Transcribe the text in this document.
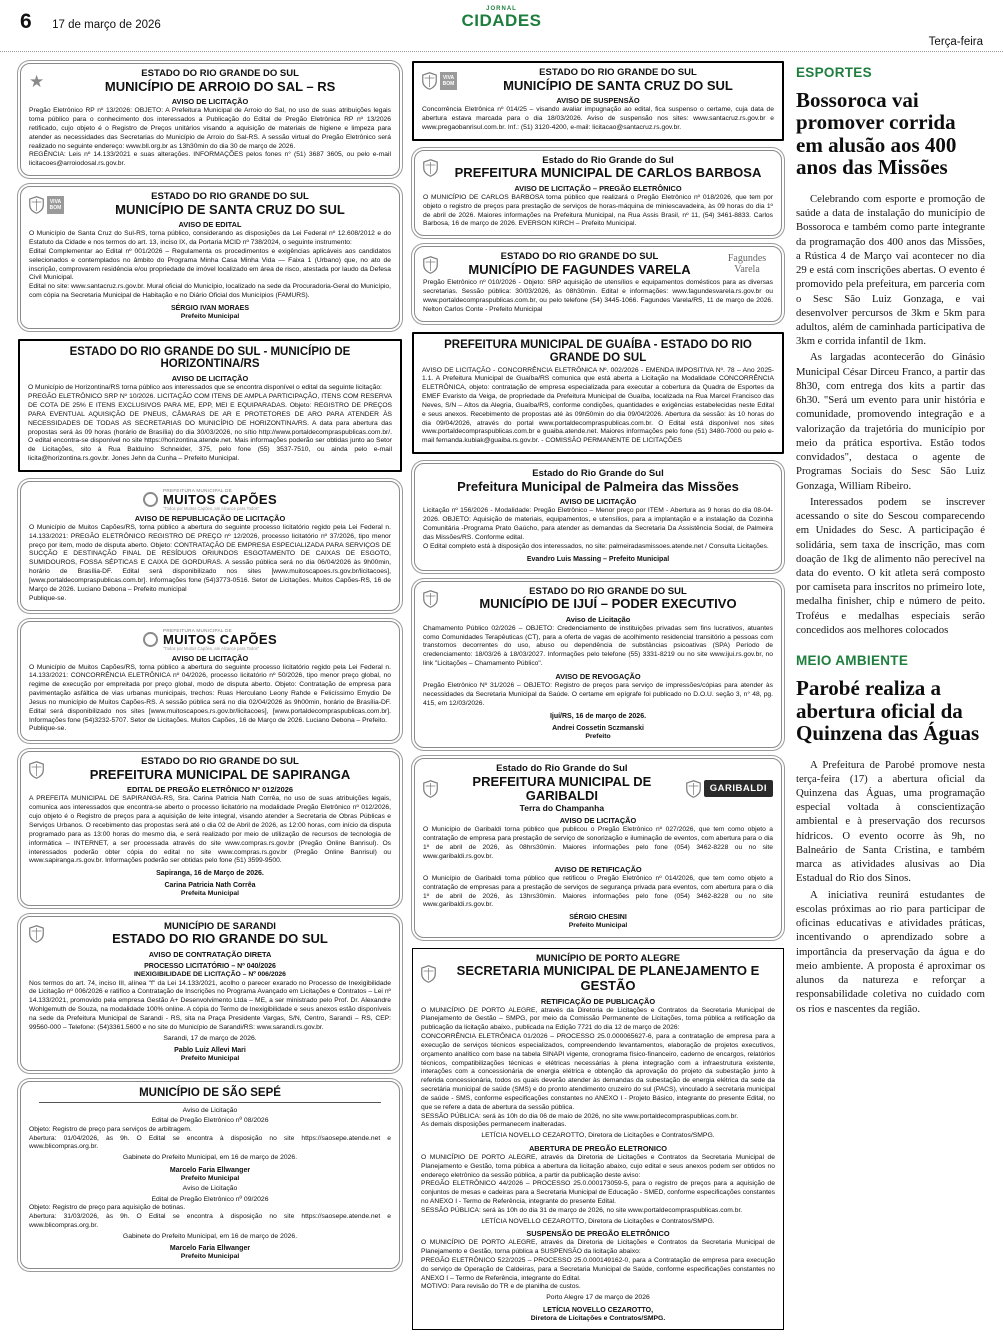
6 17 de março de 2026
JORNAL
CIDADES
Terça-feira
★	ESTADO DO RIO GRANDE DO SUL
MUNICÍPIO DE ARROIO DO SAL – RS
AVISO DE LICITAÇÃO
Pregão Eletrônico RP nº 13/2026: OBJETO: A Prefeitura Municipal de Arroio do Sal, no uso de suas atribuições legais torna público para o conhecimento dos interessados a Publicação do Edital de Pregão Eletrônica RP nº 13/2026 retificado, cujo objeto é o Registro de Preços unitários visando a aquisição de materiais de higiene e limpeza para atender as necessidades das Secretarias do Município de Arroio do Sal-RS. A sessão virtual do Pregão Eletrônico será realizado no seguinte endereço: www.bll.org.br as 13h30min do dia 30 de março de 2026.
REGÊNCIA: Leis nº 14.133/2021 e suas alterações. INFORMAÇÕES pelos fones n° (51) 3687 3605, ou pelo e-mail licitacoes@arroiodosal.rs.gov.br.
VIVA BOM
ESTADO DO RIO GRANDE DO SUL
MUNICÍPIO DE SANTA CRUZ DO SUL
AVISO DE EDITAL
O Município de Santa Cruz do Sul-RS, torna público, considerando as disposições da Lei Federal nº 12.608/2012 e do Estatuto da Cidade e nos termos do art. 13, inciso IX, da Portaria MCID nº 738/2024, o seguinte instrumento:
Edital Complementar ao Edital nº 001/2026 – Regulamenta os procedimentos e exigências aplicáveis aos candidatos selecionados e contemplados no âmbito do Programa Minha Casa Minha Vida — Faixa 1 (Urbano) que, no ato de inscrição, comprovarem residência e/ou propriedade de imóvel localizado em área de risco, atestada por laudo da Defesa Civil Municipal.
Edital no site: www.santacruz.rs.gov.br. Mural oficial do Município, localizado na sede da Procuradoria-Geral do Município, com cópia na Secretaria Municipal de Habitação e no Diário Oficial dos Municípios (FAMURS).
SÉRGIO IVAN MORAES
Prefeito Municipal
ESTADO DO RIO GRANDE DO SUL - MUNICÍPIO DE HORIZONTINA/RS
AVISO DE LICITAÇÃO
O Município de Horizontina/RS torna público aos interessados que se encontra disponível o edital da seguinte licitação:
PREGÃO ELETRÔNICO SRP Nº 10/2026. LICITAÇÃO COM ITENS DE AMPLA PARTICIPAÇÃO, ITENS COM RESERVA DE COTA DE 25% E ITENS EXCLUSIVOS PARA ME, EPP, MEI E EQUIPARADAS. Objeto: REGISTRO DE PREÇOS PARA EVENTUAL AQUISIÇÃO DE PNEUS, CÂMARAS DE AR E PROTETORES DE ARO PARA ATENDER ÀS NECESSIDADES DE TODAS AS SECRETARIAS DO MUNICÍPIO DE HORIZONTINA/RS. A data para abertura das propostas será às 09 horas (horário de Brasília) do dia 30/03/2026, no sítio http://www.portaldecompraspublicas.com.br/. O edital encontra-se disponível no site https://horizontina.atende.net. Mais informações poderão ser obtidas junto ao Setor de Licitações, sito à Rua Balduíno Schneider, 375, pelo fone (55) 3537-7510, ou ainda pelo e-mail licita@horizontina.rs.gov.br. Jones Jehn da Cunha – Prefeito Municipal.
PREFEITURA MUNICIPAL DE
MUITOS CAPÕES
"Todos por Muitos Capões, até Alcance para Todos"
AVISO DE REPUBLICAÇÃO DE LICITAÇÃO
O Município de Muitos Capões/RS, torna público a abertura do seguinte processo licitatório regido pela Lei Federal n. 14.133/2021: PREGÃO ELETRÔNICO REGISTRO DE PREÇO nº 12/2026, processo licitatório nº 37/2026, tipo menor preço por item, modo de disputa aberto. Objeto: CONTRATAÇÃO DE EMPRESA ESPECIALIZADA PARA SERVIÇOS DE SUCÇÃO E DESTINAÇÃO FINAL DE RESÍDUOS ORIUNDOS ESGOTAMENTO DE CAIXAS DE ESGOTO, SUMIDOUROS, FOSSA SÉPTICAS E CAIXA DE GORDURAS. A sessão pública será no dia 06/04/2026 às 9h00min, horário de Brasília-DF. Edital será disponibilizado nos sites [www.muitoscapoes.rs.gov.br/licitacoes], [www.portaldecompraspublicas.com.br]. Informações fone (54)3773-0516. Setor de Licitações. Muitos Capões-RS, 16 de Março de 2026. Luciano Debona – Prefeito municipal
Publique-se.
PREFEITURA MUNICIPAL DE
MUITOS CAPÕES
"Todos por Muitos Capões, até Alcance para Todos"
AVISO DE LICITAÇÃO
O Município de Muitos Capões/RS, torna público a abertura do seguinte processo licitatório regido pela Lei Federal n. 14.133/2021: CONCORRÊNCIA ELETRÔNICA nº 04/2026, processo licitatório nº 50/2026, tipo menor preço global, no regime de execução por empreitada por preço global, modo de disputa aberto. Objeto: Contratação de empresa para pavimentação asfáltica de vias urbanas municipais, trechos: Ruas Herculano Leony Rahde e Felicíssimo Emydio De Jesus no município de Muitos Capões-RS. A sessão pública será no dia 02/04/2026 às 9h00min, horário de Brasília-DF. Edital será disponibilizado nos sites [www.muitoscapoes.rs.gov.br/licitacoes], [www.portaldecompraspublicas.com.br]. Informações fone (54)3232-5707. Setor de Licitações. Muitos Capões, 16 de Março de 2026. Luciano Debona – Prefeito.
Publique-se.
ESTADO DO RIO GRANDE DO SUL
PREFEITURA MUNICIPAL DE SAPIRANGA
EDITAL DE PREGÃO ELETRÔNICO Nº 012/2026
A PREFEITA MUNICIPAL DE SAPIRANGA-RS, Sra. Carina Patricia Nath Corrêa, no uso de suas atribuições legais, comunica aos interessados que encontra-se aberto o processo licitatório na modalidade Pregão Eletrônico nº 012/2026, cujo objeto é o Registro de preços para a aquisição de leite integral, visando atender a Secretaria de Obras Públicas e Serviços Urbanos. O recebimento das propostas será até o dia 02 de Abril de 2026, as 12:00 horas, com início da disputa programado para as 13:00 horas do mesmo dia, e será realizado por meio de utilização de recursos de tecnologia de informática – INTERNET, a ser processada através do site www.compras.rs.gov.br (Pregão Online Banrisul). Os interessados poderão obter cópia do edital no site www.compras.rs.gov.br (Pregão Online Banrisul) ou www.sapiranga.rs.gov.br. Informações poderão ser obtidas pelo fone (51) 3599-9500.
Sapiranga, 16 de Março de 2026.
Carina Patricia Nath Corrêa
Prefeita Municipal
MUNICÍPIO DE SARANDI
ESTADO DO RIO GRANDE DO SUL
AVISO DE CONTRATAÇÃO DIRETA
PROCESSO LICITATÓRIO – Nº 040/2026
INEXIGIBILIDADE DE LICITAÇÃO – Nº 006/2026
Nos termos do art. 74, inciso III, alínea "f" da Lei 14.133/2021, acolho o parecer exarado no Processo de Inexigibilidade de Licitação nº 006/2026 e ratifico a Contratação de Inscrições no Programa Avançado em Licitações e Contratos – Lei nº 14.133/2021, promovido pela empresa Gestão A+ Desenvolvimento Ltda – ME, a ser ministrado pelo Prof. Dr. Alexandre Wohlgemuth de Souza, na modalidade 100% online. A cópia do Termo de Inexigibilidade e seus anexos estão disponíveis na sede da Prefeitura Municipal de Sarandi - RS, sita na Praça Presidente Vargas, S/N, Centro, Sarandi – RS, CEP: 99560-000 – Telefone: (54)3361.5600 e no site do Município de Sarandi/RS: www.sarandi.rs.gov.br.
Sarandi, 17 de março de 2026.
Pablo Luiz Allevi Mari
Prefeito Municipal
MUNICÍPIO DE SÃO SEPÉ
Aviso de Licitação
Edital de Pregão Eletrônico nº 08/2026
Objeto: Registro de preço para serviços de arbitragem.
Abertura: 01/04/2026, às 9h. O Edital se encontra à disposição no site https://saosepe.atende.net e www.blicompras.org.br.
Gabinete do Prefeito Municipal, em 16 de março de 2026.
Marcelo Faria Ellwanger
Prefeito Municipal
Aviso de Licitação
Edital de Pregão Eletrônico nº 09/2026
Objeto: Registro de preço para aquisição de botinas.
Abertura: 31/03/2026, às 9h. O Edital se encontra à disposição no site https://saosepe.atende.net e www.blicompras.org.br.
Gabinete do Prefeito Municipal, em 16 de março de 2026.
Marcelo Faria Ellwanger
Prefeito Municipal
VIVA BOM
ESTADO DO RIO GRANDE DO SUL
MUNICÍPIO DE SANTA CRUZ DO SUL
AVISO DE SUSPENSÃO
Concorrência Eletrônica nº 014/25 – visando avaliar impugnação ao edital, fica suspenso o certame, cuja data de abertura estava marcada para o dia 18/03/2026. Aviso de suspensão nos sites: www.santacruz.rs.gov.br e www.pregaobanrisul.com.br. Inf.: (51) 3120-4200, e-mail: licitacao@santacruz.rs.gov.br.
Estado do Rio Grande do Sul
PREFEITURA MUNICIPAL DE CARLOS BARBOSA
AVISO DE LICITAÇÃO – PREGÃO ELETRÔNICO
O MUNICÍPIO DE CARLOS BARBOSA torna público que realizará o Pregão Eletrônico nº 018/2026, que tem por objeto o registro de preços para prestação de serviços de horas-máquina de miniescavadeira, às 09 horas do dia 1º de abril de 2026. Maiores informações na Prefeitura Municipal, na Rua Assis Brasil, nº 11, (54) 3461-8833. Carlos Barbosa, 16 de março de 2026. EVERSON KIRCH – Prefeito Municipal.
ESTADO DO RIO GRANDE DO SUL
MUNICÍPIO DE FAGUNDES VARELA
Fagundes Varela
Pregão Eletrônico nº 010/2026 - Objeto: SRP aquisição de utensílios e equipamentos domésticos para as diversas secretarias. Sessão pública: 30/03/2026, às 08h30min. Edital e informações: www.fagundesvarela.rs.gov.br ou www.portaldecompraspublicas.com.br, ou pelo telefone (54) 3445-1066. Fagundes Varela/RS, 11 de março de 2026. Nelton Carlos Conte - Prefeito Municipal
PREFEITURA MUNICIPAL DE GUAÍBA - ESTADO DO RIO GRANDE DO SUL
AVISO DE LICITAÇÃO - CONCORRÊNCIA ELETRÔNICA Nº. 002/2026 - EMENDA IMPOSITIVA Nº. 78 – Ano 2025- 1.1. A Prefeitura Municipal de Guaíba/RS comunica que está aberta a Licitação na Modalidade CONCORRÊNCIA ELETRÔNICA, objeto: contratação de empresa especializada para executar a cobertura da Quadra de Esportes da EMEF Evaristo da Veiga, de propriedade da Prefeitura Municipal de Guaíba, localizada na Rua Marcel Francisco das Neves, S/N – Altos da Alegria, Guaíba/RS, conforme condições, quantidades e exigências estabelecidas neste Edital e seus anexos. Recebimento de propostas até às 09h50min do dia 09/04/2026. Abertura da sessão: às 10 horas do dia 09/04/2026, através do portal www.portaldecompraspublicas.com.br. O Edital está disponível nos sites www.portaldecompraspublicas.com.br e guaiba.atende.net. Maiores informações pelo fone (51) 3480-7000 ou pelo e-mail fernanda.kubiak@guaiba.rs.gov.br. - COMISSÃO PERMANENTE DE LICITAÇÕES
Estado do Rio Grande do Sul
Prefeitura Municipal de Palmeira das Missões
AVISO DE LICITAÇÃO
Licitação nº 156/2026 - Modalidade: Pregão Eletrônico – Menor preço por ITEM - Abertura as 9 horas do dia 08-04-2026. OBJETO: Aquisição de materiais, equipamentos, e utensílios, para a implantação e a instalação da Cozinha Comunitária -Programa Prato Gaúcho, para atender as demandas da Secretaria Da Assistência Social, de Palmeira das Missões/RS. Conforme edital.
O Edital completo está à disposição dos interessados, no site: palmeiradasmissoes.atende.net / Consulta Licitações.
Evandro Luis Massing – Prefeito Municipal
ESTADO DO RIO GRANDE DO SUL
MUNICÍPIO DE IJUÍ – PODER EXECUTIVO
Aviso de Licitação
Chamamento Público 02/2026 – OBJETO: Credenciamento de instituições privadas sem fins lucrativos, atuantes como Comunidades Terapêuticas (CT), para a oferta de vagas de acolhimento residencial transitório a pessoas com transtornos decorrentes do uso, abuso ou dependência de substâncias psicoativas (SPA) Período de credenciamento: 18/03/26 à 18/03/2027. Informações pelo telefone (55) 3331-8219 ou no site www.ijui.rs.gov.br, no link "Licitações – Chamamento Público".
AVISO DE REVOGAÇÃO
Pregão Eletrônico Nº 31/2026 – OBJETO: Registro de preços para serviço de impressões/cópias para atender às necessidades da Secretaria Municipal da Saúde. O certame em epígrafe foi publicado no D.O.U. seção 3, n° 48, pg. 415, em 12/03/2026.
Ijuí/RS, 16 de março de 2026.
Andrei Cossetin Sczmanski
Prefeito
Estado do Rio Grande do Sul
PREFEITURA MUNICIPAL DE GARIBALDI
Terra do Champanha
GARIBALDI
AVISO DE LICITAÇÃO
O Município de Garibaldi torna público que publicou o Pregão Eletrônico nº 027/2026, que tem como objeto a contratação de empresa para prestação de serviço de sonorização e iluminação de eventos, com abertura para o dia 1º de abril de 2026, às 08hrs30min. Maiores informações pelo fone (054) 3462-8228 ou no site www.garibaldi.rs.gov.br.
AVISO DE RETIFICAÇÃO
O Município de Garibaldi torna público que retificou o Pregão Eletrônico nº 014/2026, que tem como objeto a contratação de empresas para a prestação de serviços de segurança privada para eventos, com abertura para o dia 1º de abril de 2026, às 13hrs30min. Maiores informações pelo fone (054) 3462-8228 ou no site www.garibaldi.rs.gov.br.
SÉRGIO CHESINI
Prefeito Municipal
MUNICÍPIO DE PORTO ALEGRE
SECRETARIA MUNICIPAL DE PLANEJAMENTO E GESTÃO
RETIFICAÇÃO DE PUBLICAÇÃO
O MUNICÍPIO DE PORTO ALEGRE, através da Diretoria de Licitações e Contratos da Secretaria Municipal de Planejamento de Gestão – SMPG, por meio da Comissão Permanente de Licitações, torna pública a retificação da publicação da licitação abaixo., publicada na Edição 7721 do dia 12 de março de 2026:
CONCORRÊNCIA ELETRÔNICA 01/2026 – PROCESSO 25.0.000065627-6, para a contratação de empresa para a execução de serviços técnicos especializados, compreendendo levantamentos, elaboração de projetos executivos, orçamento analítico com base na tabela SINAPI vigente, cronograma físico-financeiro, caderno de encargos, relatórios técnicos, compatibilizações técnicas e elétricas necessárias à plena integração com a infraestrutura existente, interações com a concessionária de energia elétrica e obtenção da aprovação do projeto da subestação junto à referida concessionária, todos os quais deverão atender às demandas da subestação de energia elétrica da sede da secretária municipal de saúde (SMS) e do pronto atendimento cruzeiro do sul (PACS), vinculado à secretaria municipal de saúde - SMS, conforme especificações constantes no ANEXO I - Projeto Básico, integrante do presente Edital, no que se refere a data de abertura da sessão pública.
SESSÃO PÚBLICA: será às 10h do dia 06 de maio de 2026, no site www.portaldecompraspublicas.com.br.
As demais disposições permanecem inalteradas.
LETÍCIA NOVELLO CEZAROTTO, Diretora de Licitações e Contratos/SMPG.
ABERTURA DE PREGÃO ELETRONICO
O MUNICÍPIO DE PORTO ALEGRE, através da Diretoria de Licitações e Contratos da Secretaria Municipal de Planejamento e Gestão, torna pública a abertura da licitação abaixo, cujo edital e seus anexos podem ser obtidos no endereço eletrônico da sessão pública, a partir da publicação deste aviso:
PREGÃO ELETRÔNICO 44/2026 – PROCESSO 25.0.000173059-5, para o registro de preços para a aquisição de conjuntos de mesas e cadeiras para a Secretaria Municipal de Educação - SMED, conforme especificações constantes no ANEXO I - Termo de Referência, integrante do presente Edital.
SESSÃO PÚBLICA: será às 10h do dia 31 de março de 2026, no site www.portaldecompraspublicas.com.br.
LETÍCIA NOVELLO CEZAROTTO, Diretora de Licitações e Contratos/SMPG.
SUSPENSÃO DE PREGÃO ELETRÔNICO
O MUNICÍPIO DE PORTO ALEGRE, através da Diretoria de Licitações e Contratos da Secretaria Municipal de Planejamento e Gestão, torna pública a SUSPENSÃO da licitação abaixo:
PREGÃO ELETRÔNICO 522/2025 – PROCESSO 25.0.000149162-0, para a Contratação de empresa para execução do serviço de Operação de Caldeiras, para a Secretaria Municipal de Saúde, conforme especificações constantes no ANEXO I – Termo de Referência, integrante do Edital.
MOTIVO: Para revisão do TR e de planilha de custos.
Porto Alegre 17 de março de 2026
LETÍCIA NOVELLO CEZAROTTO,
Diretora de Licitações e Contratos/SMPG.
ESPORTES
Bossoroca vai promover corrida em alusão aos 400 anos das Missões

Celebrando com esporte e promoção de saúde a data de instalação do município de Bossoroca e também como parte integrante da programação dos 400 anos das Missões, a Rústica 4 de Março vai acontecer no dia 29 e está com inscrições abertas. O evento é promovido pela prefeitura, em parceria com o Sesc São Luiz Gonzaga, e vai desenvolver percursos de 3km e 5km para adultos, além de caminhada participativa de 3km e corrida infantil de 1km.

As largadas acontecerão do Ginásio Municipal César Dirceu Franco, a partir das 8h30, com entrega dos kits a partir das 6h30. "Será um evento para unir história e comunidade, promovendo integração e a valorização da trajetória do município por meio da prática esportiva. Estão todos convidados", destaca o agente de Programas Sociais do Sesc São Luiz Gonzaga, William Ribeiro.

Interessados podem se inscrever acessando o site do Sescou comparecendo em Unidades do Sesc. A participação é solidária, sem taxa de inscrição, mas com doação de 1kg de alimento não perecível na data do evento. O kit atleta será composto por camiseta para inscritos no primeiro lote, medalha finisher, chip e número de peito. Troféus e medalhas especiais serão concedidos aos melhores colocados

MEIO AMBIENTE
Parobé realiza a abertura oficial da Quinzena das Águas

A Prefeitura de Parobé promove nesta terça-feira (17) a abertura oficial da Quinzena das Águas, uma programação especial voltada à conscientização ambiental e à preservação dos recursos hídricos. O evento ocorre às 9h, no Balneário de Santa Cristina, e também marca as atividades alusivas ao Dia Estadual do Rio dos Sinos.

A iniciativa reunirá estudantes de escolas próximas ao rio para participar de oficinas educativas e atividades práticas, incentivando o aprendizado sobre a importância da preservação da água e do meio ambiente. A proposta é aproximar os alunos da natureza e reforçar a responsabilidade coletiva no cuidado com os rios e nascentes da região.
